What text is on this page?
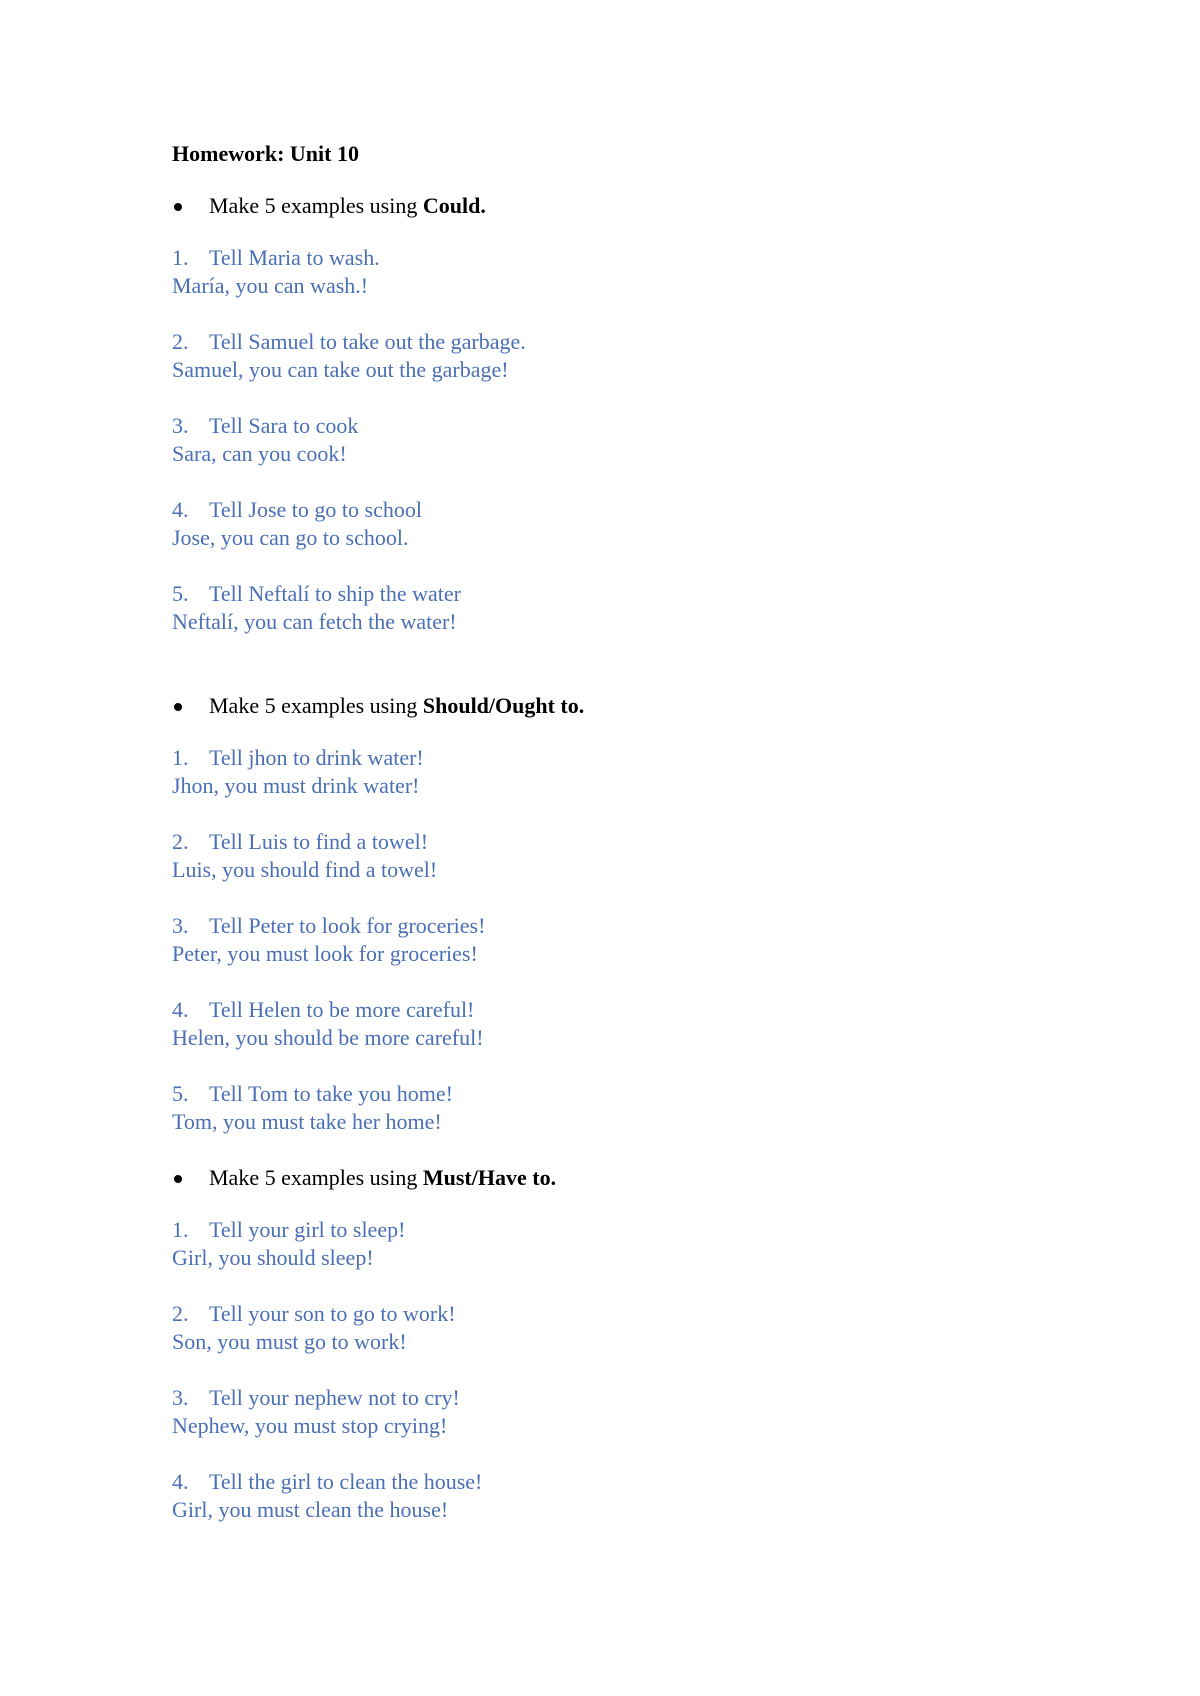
Homework: Unit 10
Make 5 examples using Could.
1. Tell Maria to wash.
María, you can wash.!
2. Tell Samuel to take out the garbage.
Samuel, you can take out the garbage!
3. Tell Sara to cook
Sara, can you cook!
4. Tell Jose to go to school
Jose, you can go to school.
5. Tell Neftalí to ship the water
Neftalí, you can fetch the water!
Make 5 examples using Should/Ought to.
1. Tell jhon to drink water!
Jhon, you must drink water!
2. Tell Luis to find a towel!
Luis, you should find a towel!
3. Tell Peter to look for groceries!
Peter, you must look for groceries!
4. Tell Helen to be more careful!
Helen, you should be more careful!
5. Tell Tom to take you home!
Tom, you must take her home!
Make 5 examples using Must/Have to.
1. Tell your girl to sleep!
Girl, you should sleep!
2. Tell your son to go to work!
Son, you must go to work!
3. Tell your nephew not to cry!
Nephew, you must stop crying!
4. Tell the girl to clean the house!
Girl, you must clean the house!
